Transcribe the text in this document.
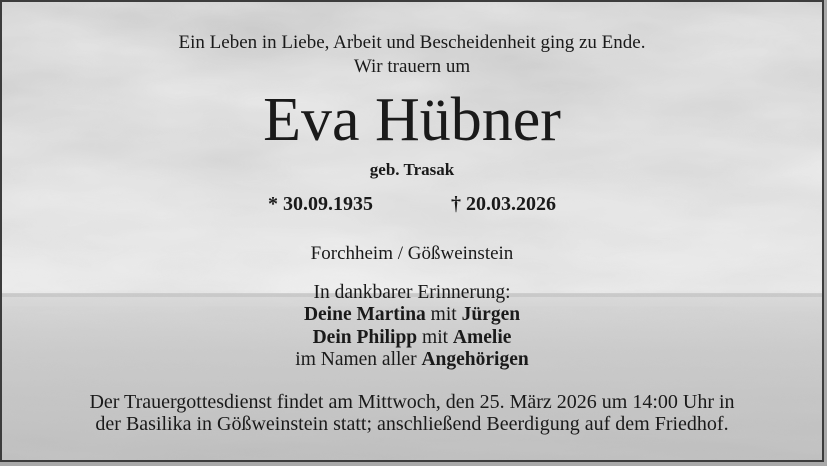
Ein Leben in Liebe, Arbeit und Bescheidenheit ging zu Ende.
Wir trauern um
Eva Hübner
geb. Trasak
* 30.09.1935	† 20.03.2026
Forchheim / Gößweinstein
In dankbarer Erinnerung:
Deine Martina mit Jürgen
Dein Philipp mit Amelie
im Namen aller Angehörigen
Der Trauergottesdienst findet am Mittwoch, den 25. März 2026 um 14:00 Uhr in
der Basilika in Gößweinstein statt; anschließend Beerdigung auf dem Friedhof.
